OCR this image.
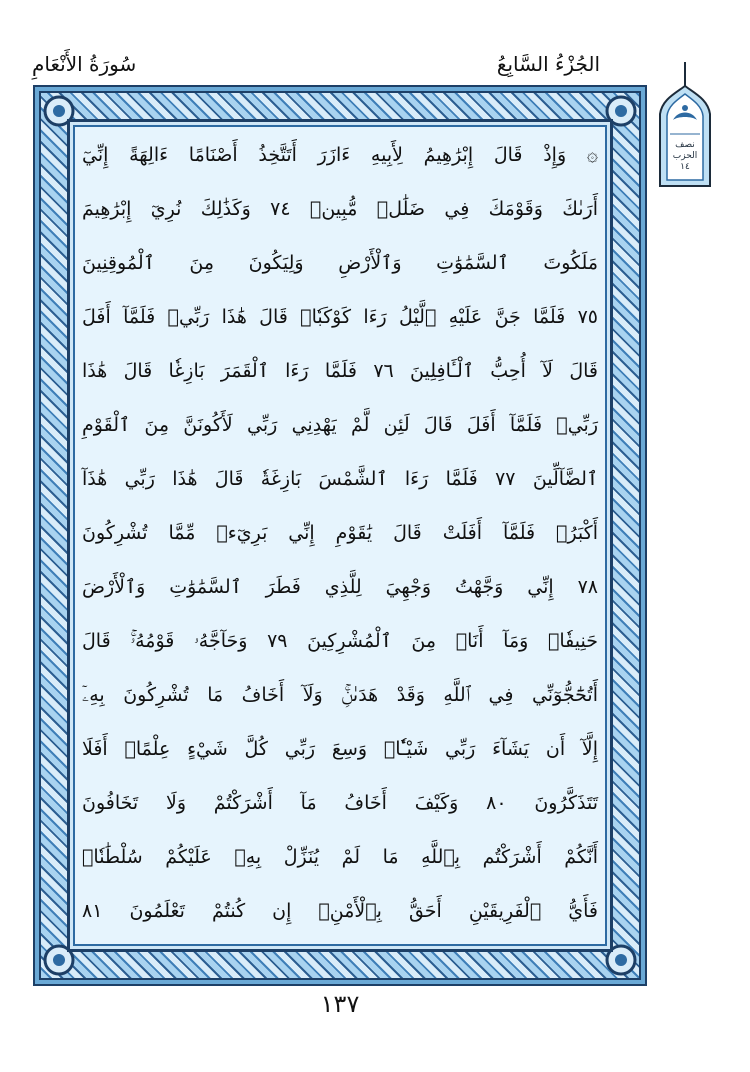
الجُزْءُ السَّابِعُ
سُورَةُ الأَنْعَامِ
نصف
الحزب
١٤
۞ وَإِذْ قَالَ إِبْرَٰهِيمُ لِأَبِيهِ ءَازَرَ أَتَتَّخِذُ أَصْنَامًا ءَالِهَةً إِنِّيٓ
أَرَىٰكَ وَقَوْمَكَ فِي ضَلَٰلٖ مُّبِينٖ ٧٤ وَكَذَٰلِكَ نُرِيٓ إِبْرَٰهِيمَ
مَلَكُوتَ ٱلسَّمَٰوَٰتِ وَٱلْأَرْضِ وَلِيَكُونَ مِنَ ٱلْمُوقِنِينَ
٧٥ فَلَمَّا جَنَّ عَلَيْهِ ٱلَّيْلُ رَءَا كَوْكَبٗاۖ قَالَ هَٰذَا رَبِّيۖ فَلَمَّآ أَفَلَ
قَالَ لَآ أُحِبُّ ٱلْـَٔافِلِينَ ٧٦ فَلَمَّا رَءَا ٱلْقَمَرَ بَازِغٗا قَالَ هَٰذَا
رَبِّيۖ فَلَمَّآ أَفَلَ قَالَ لَئِن لَّمْ يَهْدِنِي رَبِّي لَأَكُونَنَّ مِنَ ٱلْقَوْمِ
ٱلضَّآلِّينَ ٧٧ فَلَمَّا رَءَا ٱلشَّمْسَ بَازِغَةٗ قَالَ هَٰذَا رَبِّي هَٰذَآ
أَكْبَرُۖ فَلَمَّآ أَفَلَتْ قَالَ يَٰقَوْمِ إِنِّي بَرِيٓءٞ مِّمَّا تُشْرِكُونَ
٧٨ إِنِّي وَجَّهْتُ وَجْهِيَ لِلَّذِي فَطَرَ ٱلسَّمَٰوَٰتِ وَٱلْأَرْضَ
حَنِيفٗاۖ وَمَآ أَنَا۠ مِنَ ٱلْمُشْرِكِينَ ٧٩ وَحَآجَّهُۥ قَوْمُهُۥۚ قَالَ
أَتُحَٰٓجُّوٓنِّي فِي ٱللَّهِ وَقَدْ هَدَىٰنِۚ وَلَآ أَخَافُ مَا تُشْرِكُونَ بِهِۦٓ
إِلَّآ أَن يَشَآءَ رَبِّي شَيْـٔٗاۚ وَسِعَ رَبِّي كُلَّ شَيْءٍ عِلْمًاۚ أَفَلَا
تَتَذَكَّرُونَ ٨٠ وَكَيْفَ أَخَافُ مَآ أَشْرَكْتُمْ وَلَا تَخَافُونَ
أَنَّكُمْ أَشْرَكْتُم بِٱللَّهِ مَا لَمْ يُنَزِّلْ بِهِۦ عَلَيْكُمْ سُلْطَٰنٗاۚ
فَأَيُّ ٱلْفَرِيقَيْنِ أَحَقُّ بِٱلْأَمْنِۖ إِن كُنتُمْ تَعْلَمُونَ ٨١
١٣٧
